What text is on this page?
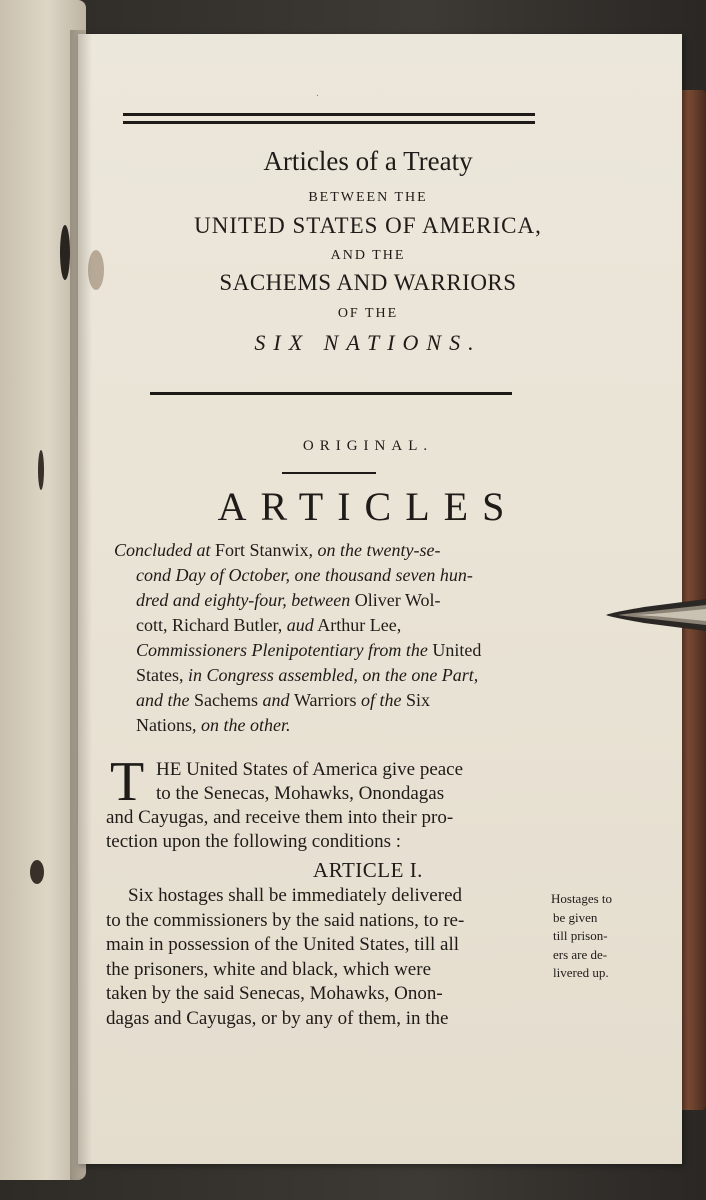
ˑ
Articles of a Treaty
BETWEEN THE
UNITED STATES OF AMERICA,
AND THE
SACHEMS AND WARRIORS
OF THE
SIX NATIONS.
ORIGINAL.
ARTICLES
Concluded at Fort Stanwix, on the twenty-se-
cond Day of October, one thousand seven hun-
dred and eighty-four, between Oliver Wol-
cott, Richard Butler, aud Arthur Lee,
Commissioners Plenipotentiary from the United
States, in Congress assembled, on the one Part,
and the Sachems and Warriors of the Six
Nations, on the other.
T HE United States of America give peace
to the Senecas, Mohawks, Onondagas
and Cayugas, and receive them into their pro-
tection upon the following conditions :
ARTICLE I.
Six hostages shall be immediately delivered
to the commissioners by the said nations, to re-
main in possession of the United States, till all
the prisoners, white and black, which were
taken by the said Senecas, Mohawks, Onon-
dagas and Cayugas, or by any of them, in the
Hostages to
be given
till prison-
ers are de-
livered up.
